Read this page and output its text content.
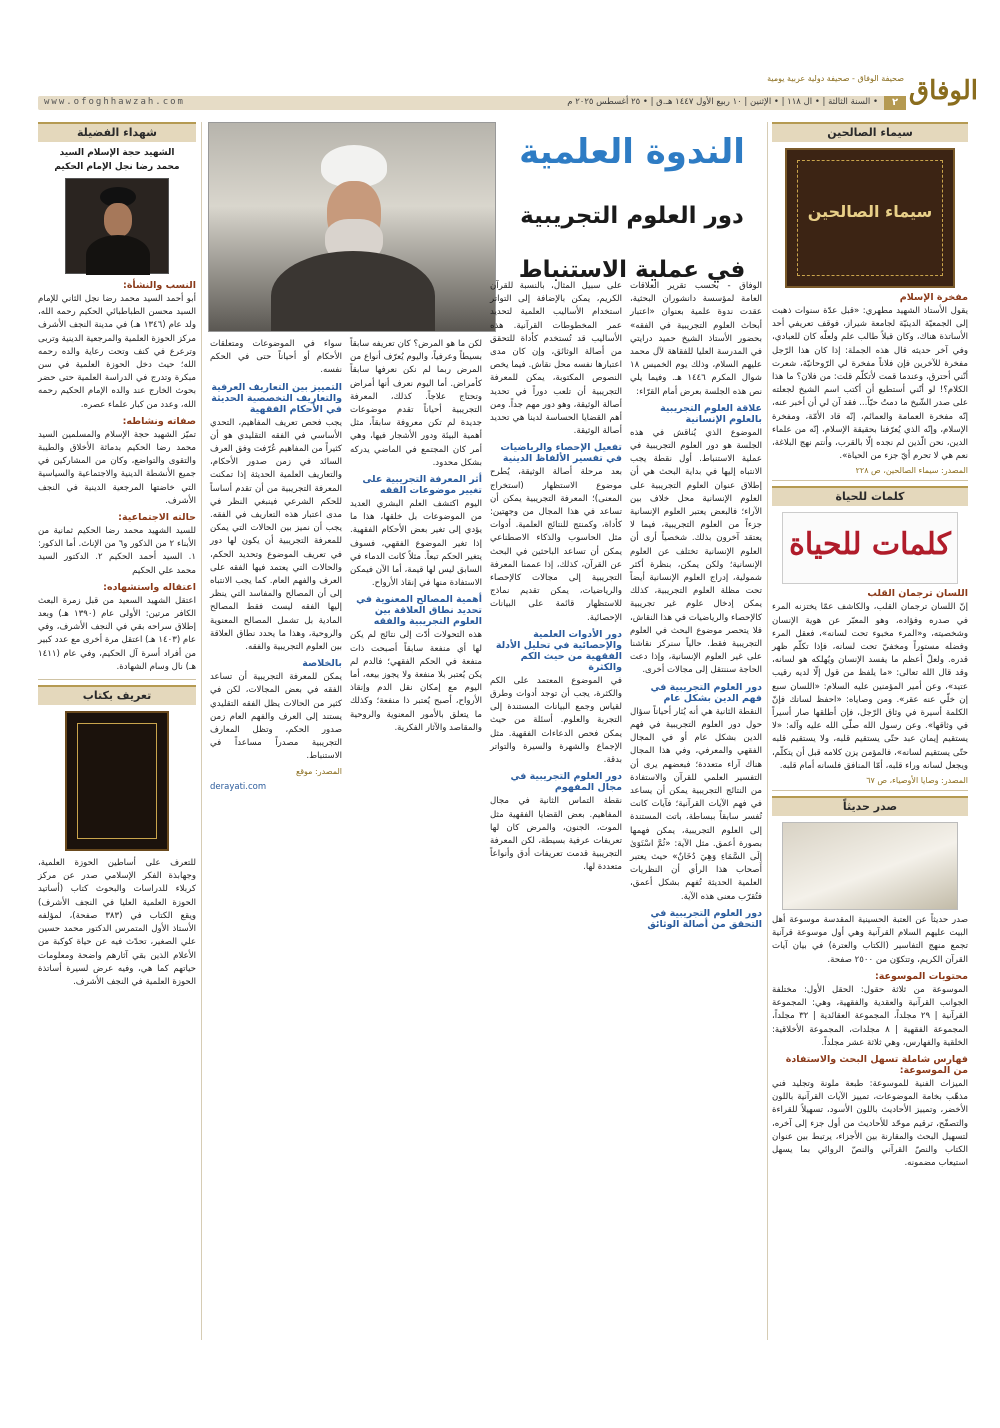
الوفاق
صحيفة الوفاق - صحيفة دولية عربية يومية
٢
• السنة الثالثة | • ال ١١٨ | • الإثنين | ١٠ ربيع الأول ١٤٤٧ هـ.ق | • ٢٥ أغسطس ٢٠٢٥ م
www.ofoghhawzah.com
سيماء الصالحين
سيماء الصالحين
مفخرة الإسلام

يقول الأستاذ الشهيد مطهري: «قبل عدّة سنوات ذهبت إلى الجمعيّة الدينيّة لجامعة شيراز، فوقف تعريفي أحد الأساتذة هناك، وكان قبلاً طالب علم ولعلّه كان للعبادي، وفي آخر حديثه قال هذه الجملة: إذا كان هذا الرّجل مفخرة للآخرين فإن فلاناً مفخرة لي الرّوحانيّة، شعرت أنّني أحترق، وعندما قمت لأتكلّم قلت: من فلان؟ ما هذا الكلام؟! لو أنّني أستطيع أن أكتب اسم الشيخ لجعلته على صدر الشّيخ ما دمتُ حيّاً... فقد آن لي أن أخبر عنه، إنّه مفخرة العمامة والعمائم، إنّه قاد الأمّة، ومفخرة الإسلام، وإنّه الذي يُعرّفنا بحقيقة الإسلام، إنّه من علماء الدين، نحن الّذين لم نجده إلّا بالقرب، وأنتم نهج البلاغة، نعم هي لا تحرم أيّ جزء من الحياة».

المصدر: سيماء الصالحين، ص ٢٢٨
كلمات للحياة
كلمات للحياة
اللسان ترجمان القلب

إنّ اللسان ترجمان القلب، والكاشف عمّا يختزنه المرء في صدره وفؤاده، وهو المعبّر عن هوية الإنسان وشخصيته، و«المرء مخبوء تحت لسانه»، فعقل المرء وفضله مستوراً ومخفيّ تحت لسانه، فإذا تكلّم ظهر قدره. ولعلّ أعظم ما يفسد الإنسان ويُهلكه هو لسانه، وقد قال الله تعالى: «ما يلفظ من قول إلّا لديه رقيب عتيد»، وعن أمير المؤمنين عليه السلام: «اللسان سبع إن خلّي عنه عقر». ومن وصاياه: «احفظ لسانك فإنّ الكلمة أسيرة في وثاق الرّجل، فإن أطلقها صار أسيراً في وثاقها». وعن رسول الله صلّى الله عليه وآله: «لا يستقيم إيمان عبد حتّى يستقيم قلبه، ولا يستقيم قلبه حتّى يستقيم لسانه»، فالمؤمن يزن كلامه قبل أن يتكلّم، ويجعل لسانه وراء قلبه، أمّا المنافق فلسانه أمام قلبه.

المصدر: وصايا الأوصياء، ص ٦٧
صدر حديثاً

صدر حديثاً عن العتبة الحسينية المقدسة موسوعة أهل البيت عليهم السلام القرآنية وهي أول موسوعة قرآنية تجمع منهج التفاسير (الكتاب والعترة) في بيان آيات القرآن الكريم، وتتكوّن من ٢٥٠٠ صفحة.

محتويات الموسوعة:

الموسوعة من ثلاثة حقول: الحقل الأول: مختلفة الجوانب القرآنية والعقدية والفقهية، وهي: المجموعة القرآنية | ٢٩ مجلداً، المجموعة العقائدية | ٣٢ مجلداً، المجموعة الفقهية | ٨ مجلدات، المجموعة الأخلاقية: الخلقية والفهارس، وهي ثلاثة عشر مجلداً.

فهارس شاملة تسهل البحث والاستفادة من الموسوعة:

الميزات الفنية للموسوعة: طبعة ملونة وتجليد فني مذهّب بخامة الموضوعات، تمييز الآيات القرآنية باللون الأخضر، وتمييز الأحاديث باللون الأسود، تسهيلاً للقراءة والتصفّح، ترقيم موحّد للأحاديث من أول جزء إلى آخره، لتسهيل البحث والمقارنة بين الأجزاء، يرتبط بين عنوان الكتاب والنصّ القرآني والنصّ الروائي بما يسهل استيعاب مضمونه.

الندوة العلمية
دور العلوم التجريبية
في عملية الاستنباط

الوفاق - بحسب تقرير العلاقات العامة لمؤسسة دانشوران البحثية، عقدت ندوة علمية بعنوان «اعتبار أبحاث العلوم التجريبية في الفقه» بحضور الأستاذ الشيخ حميد درايتي في المدرسة العليا للفقاهة لآل محمد عليهم السلام، وذلك يوم الخميس ١٨ شوال المكرم ١٤٤٦ هـ. وفيما يلي نص هذه الجلسة بعرض أمام القرّاء:

علاقة العلوم التجريبية بالعلوم الإنسانية

الموضوع الذي يُناقش في هذه الجلسة هو دور العلوم التجريبية في عملية الاستنباط. أول نقطة يجب الانتباه إليها في بداية البحث هي أن إطلاق عنوان العلوم التجريبية على العلوم الإنسانية محل خلاف بين الآراء؛ فالبعض يعتبر العلوم الإنسانية جزءاً من العلوم التجريبية، فيما لا يعتقد آخرون بذلك. شخصياً أرى أن العلوم الإنسانية تختلف عن العلوم الإنسانية؛ ولكن يمكن، بنظرة أكثر شمولية، إدراج العلوم الإنسانية أيضاً تحت مظلة العلوم التجريبية، كذلك يمكن إدخال علوم غير تجريبية كالإحصاء والرياضيات في هذا النقاش، فلا يتحصر موضوع البحث في العلوم التجريبية فقط. حالياً سنركز نقاشنا على غير العلوم الإنسانية، وإذا دعت الحاجة سننتقل إلى مجالات أخرى.

دور العلوم التجريبية في فهم الدين بشكل عام

النقطة الثانية هي أنه يُثار أحياناً سؤال حول دور العلوم التجريبية في فهم الدين بشكل عام أو في المجال الفقهي والمعرفي، وفي هذا المجال هناك آراء متعددة؛ فبعضهم يرى أن التفسير العلمي للقرآن والاستفادة من النتائج التجريبية يمكن أن يساعد في فهم الآيات القرآنية؛ فآيات كانت تُفسر سابقاً ببساطة، باتت المستندة إلى العلوم التجريبية، يمكن فهمها بصورة أعمق. مثل الآية: «ثُمَّ اسْتَوَىٰ إِلَى السَّمَاءِ وَهِيَ دُخَانٌ» حيث يعتبر أصحاب هذا الرأي أن النظريات العلمية الحديثة تُفهم بشكل أعمق، فتُقرّب معنى هذه الآية.

دور العلوم التجريبية في التحقق من أصالة الوثائق

على سبيل المثال، بالنسبة للقرآن الكريم، يمكن بالإضافة إلى التواتر استخدام الأساليب العلمية لتحديد عمر المخطوطات القرآنية. هذه الأساليب قد تُستخدم كأداة للتحقق من أصالة الوثائق، وإن كان مدى اعتبارها نفسه محل نقاش. فيما يخص النصوص المكتوبة، يمكن للمعرفة التجريبية أن تلعب دوراً في تحديد أصالة الوثيقة، وهو دور مهم جداً. ومن أهم القضايا الحساسة لدينا هي تحديد أصالة الوثيقة.

تفعيل الإحصاء والرياضيات في تفسير الألفاظ الدينية

بعد مرحلة أصالة الوثيقة، يُطرح موضوع الاستظهار (استخراج المعنى)؛ المعرفة التجريبية يمكن أن تساعد في هذا المجال من وجهتين: كأداة، وكمنتج للنتائج العلمية. أدوات مثل الحاسوب والذكاء الاصطناعي يمكن أن تساعد الباحثين في البحث عن القرآن، كذلك، إذا عممنا المعرفة التجريبية إلى مجالات كالإحصاء والرياضيات، يمكن تقديم نماذج للاستظهار قائمة على البيانات الإحصائية.

دور الأدوات العلمية والإحصائية في تحليل الأدلة الفقهية من حيث الكم والكثرة

في الموضوع المعتمد على الكم والكثرة، يجب أن توجد أدوات وطرق لقياس وجمع البيانات المستندة إلى التجربة والعلوم. أسئلة من حيث يمكن فحص الدعاءات الفقهية. مثل الإجماع والشهرة والسيرة والتواتر بدقة.

دور العلوم التجريبية في مجال المفهوم

نقطة التماس الثانية في مجال المفاهيم. بعض القضايا الفقهية مثل الموت، الجنون، والمرض كان لها تعريفات عرفية بسيطة، لكن المعرفة التجريبية قدمت تعريفات أدق وأنواعاً متعددة لها.

لكن ما هو المرض؟ كان تعريفه سابقاً بسيطاً وعرفياً، واليوم يُعرّف أنواع من المرض ربما لم نكن نعرفها سابقاً كأمراض. أما اليوم نعرف أنها أمراض وتحتاج علاجاً. كذلك، المعرفة التجريبية أحياناً تقدم موضوعات جديدة لم تكن معروفة سابقاً، مثل أهمية البيئة ودور الأشجار فيها، وهي أمر كان المجتمع في الماضي يدركه بشكل محدود.

أثر المعرفة التجريبية على تغيير موضوعات الفقه

اليوم اكتشف العلم البشري العديد من الموضوعات بل خلقها، هذا ما يؤدي إلى تغير بعض الأحكام الفقهية. إذا تغير الموضوع الفقهي، فسوف يتغير الحكم تبعاً. مثلاً كانت الدماء في السابق ليس لها قيمة، أما الآن فيمكن الاستفادة منها في إنقاذ الأرواح.

أهمية المصالح المعنوية في تحديد نطاق العلاقة بين العلوم التجريبية والفقه

هذه التحولات أدّت إلى نتائج لم يكن لها أي منفعة سابقاً أصبحت ذات منفعة في الحكم الفقهي؛ فالدم لم يكن يُعتبر بلا منفعة ولا يجوز بيعه، أما اليوم مع إمكان نقل الدم وإنقاذ الأرواح، أصبح يُعتبر ذا منفعة؛ وكذلك ما يتعلق بالأمور المعنوية والروحية والمقاصد والآثار الفكرية.

سواء في الموضوعات ومتعلقات الأحكام أو أحياناً حتى في الحكم نفسه.

التمييز بين التعاريف العرفية والتعاريف التخصصية الحديثة في الأحكام الفقهية

يجب فحص تعريف المفاهيم، التحدي الأساسي في الفقه التقليدي هو أن كثيراً من المفاهيم عُرّفت وفق العرف السائد في زمن صدور الأحكام، والتعاريف العلمية الحديثة إذا تمكنت المعرفة التجريبية من أن تقدم أساساً للحكم الشرعي فينبغي النظر في مدى اعتبار هذه التعاريف في الفقه. يجب أن نميز بين الحالات التي يمكن للمعرفة التجريبية أن يكون لها دور في تعريف الموضوع وتحديد الحكم، والحالات التي يعتمد فيها الفقه على العرف والفهم العام. كما يجب الانتباه إلى أن المصالح والمفاسد التي ينظر إليها الفقه ليست فقط المصالح المادية بل تشمل المصالح المعنوية والروحية، وهذا ما يحدد نطاق العلاقة بين العلوم التجريبية والفقه.

بالخلاصة

يمكن للمعرفة التجريبية أن تساعد الفقه في بعض المجالات، لكن في كثير من الحالات يظل الفقه التقليدي يستند إلى العرف والفهم العام زمن صدور الحكم، وتظل المعارف التجريبية مصدراً مساعداً في الاستنباط.

المصدر: موقع
derayati.com
شهداء الفضيلة
الشهيد حجة الإسلام السيد
محمد رضا نجل الإمام الحكيم
النسب والنشأة:

أبو أحمد السيد محمد رضا نجل الثاني للإمام السيد محسن الطباطبائي الحكيم رحمه الله، ولد عام (١٣٤٦ هـ) في مدينة النجف الأشرف مركز الحوزة العلمية والمرجعية الدينية وتربى وترعرع في كنف وتحت رعاية والده رحمه الله؛ حيث دخل الحوزة العلمية في سن مبكرة وتدرج في الدراسة العلمية حتى حضر بحوث الخارج عند والده الإمام الحكيم رحمه الله، وعدد من كبار علماء عصره.

صفاته ونشاطه:

تميّز الشهيد حجة الإسلام والمسلمين السيد محمد رضا الحكيم بدماثة الأخلاق والطيبة والتقوى والتواضع، وكان من المشاركين في جميع الأنشطة الدينية والاجتماعية والسياسية التي خاضتها المرجعية الدينية في النجف الأشرف.

حالته الاجتماعية:

للسيد الشهيد محمد رضا الحكيم ثمانية من الأبناء ٢ من الذكور و٦ من الإناث. أما الذكور: ١. السيد أحمد الحكيم ٢. الدكتور السيد محمد علي الحكيم

اعتقاله واستشهاده:

اعتقل الشهيد السعيد من قبل زمرة البعث الكافر مرتين: الأولى عام (١٣٩٠ هـ) وبعد إطلاق سراحه بقي في النجف الأشرف، وفي عام (١٤٠٣ هـ) اعتقل مرة أخرى مع عدد كبير من أفراد أسرة آل الحكيم، وفي عام (١٤١١ هـ) نال وسام الشهادة.

تعريف بكتاب

للتعرف على أساطين الحوزة العلمية، وجهابذة الفكر الإسلامي صدر عن مركز كربلاء للدراسات والبحوث كتاب (أساتيد الحوزة العلمية العليا في النجف الأشرف) ويقع الكتاب في (٣٨٣ صفحة)، لمؤلفه الأستاذ الأول المتمرس الدكتور محمد حسين علي الصغير، تحدّث فيه عن حياة كوكبة من الأعلام الذين بقي آثارهم واضحة ومعلومات حياتهم كما هي، وفيه عرض لسيرة أساتذة الحوزة العلمية في النجف الأشرف.
